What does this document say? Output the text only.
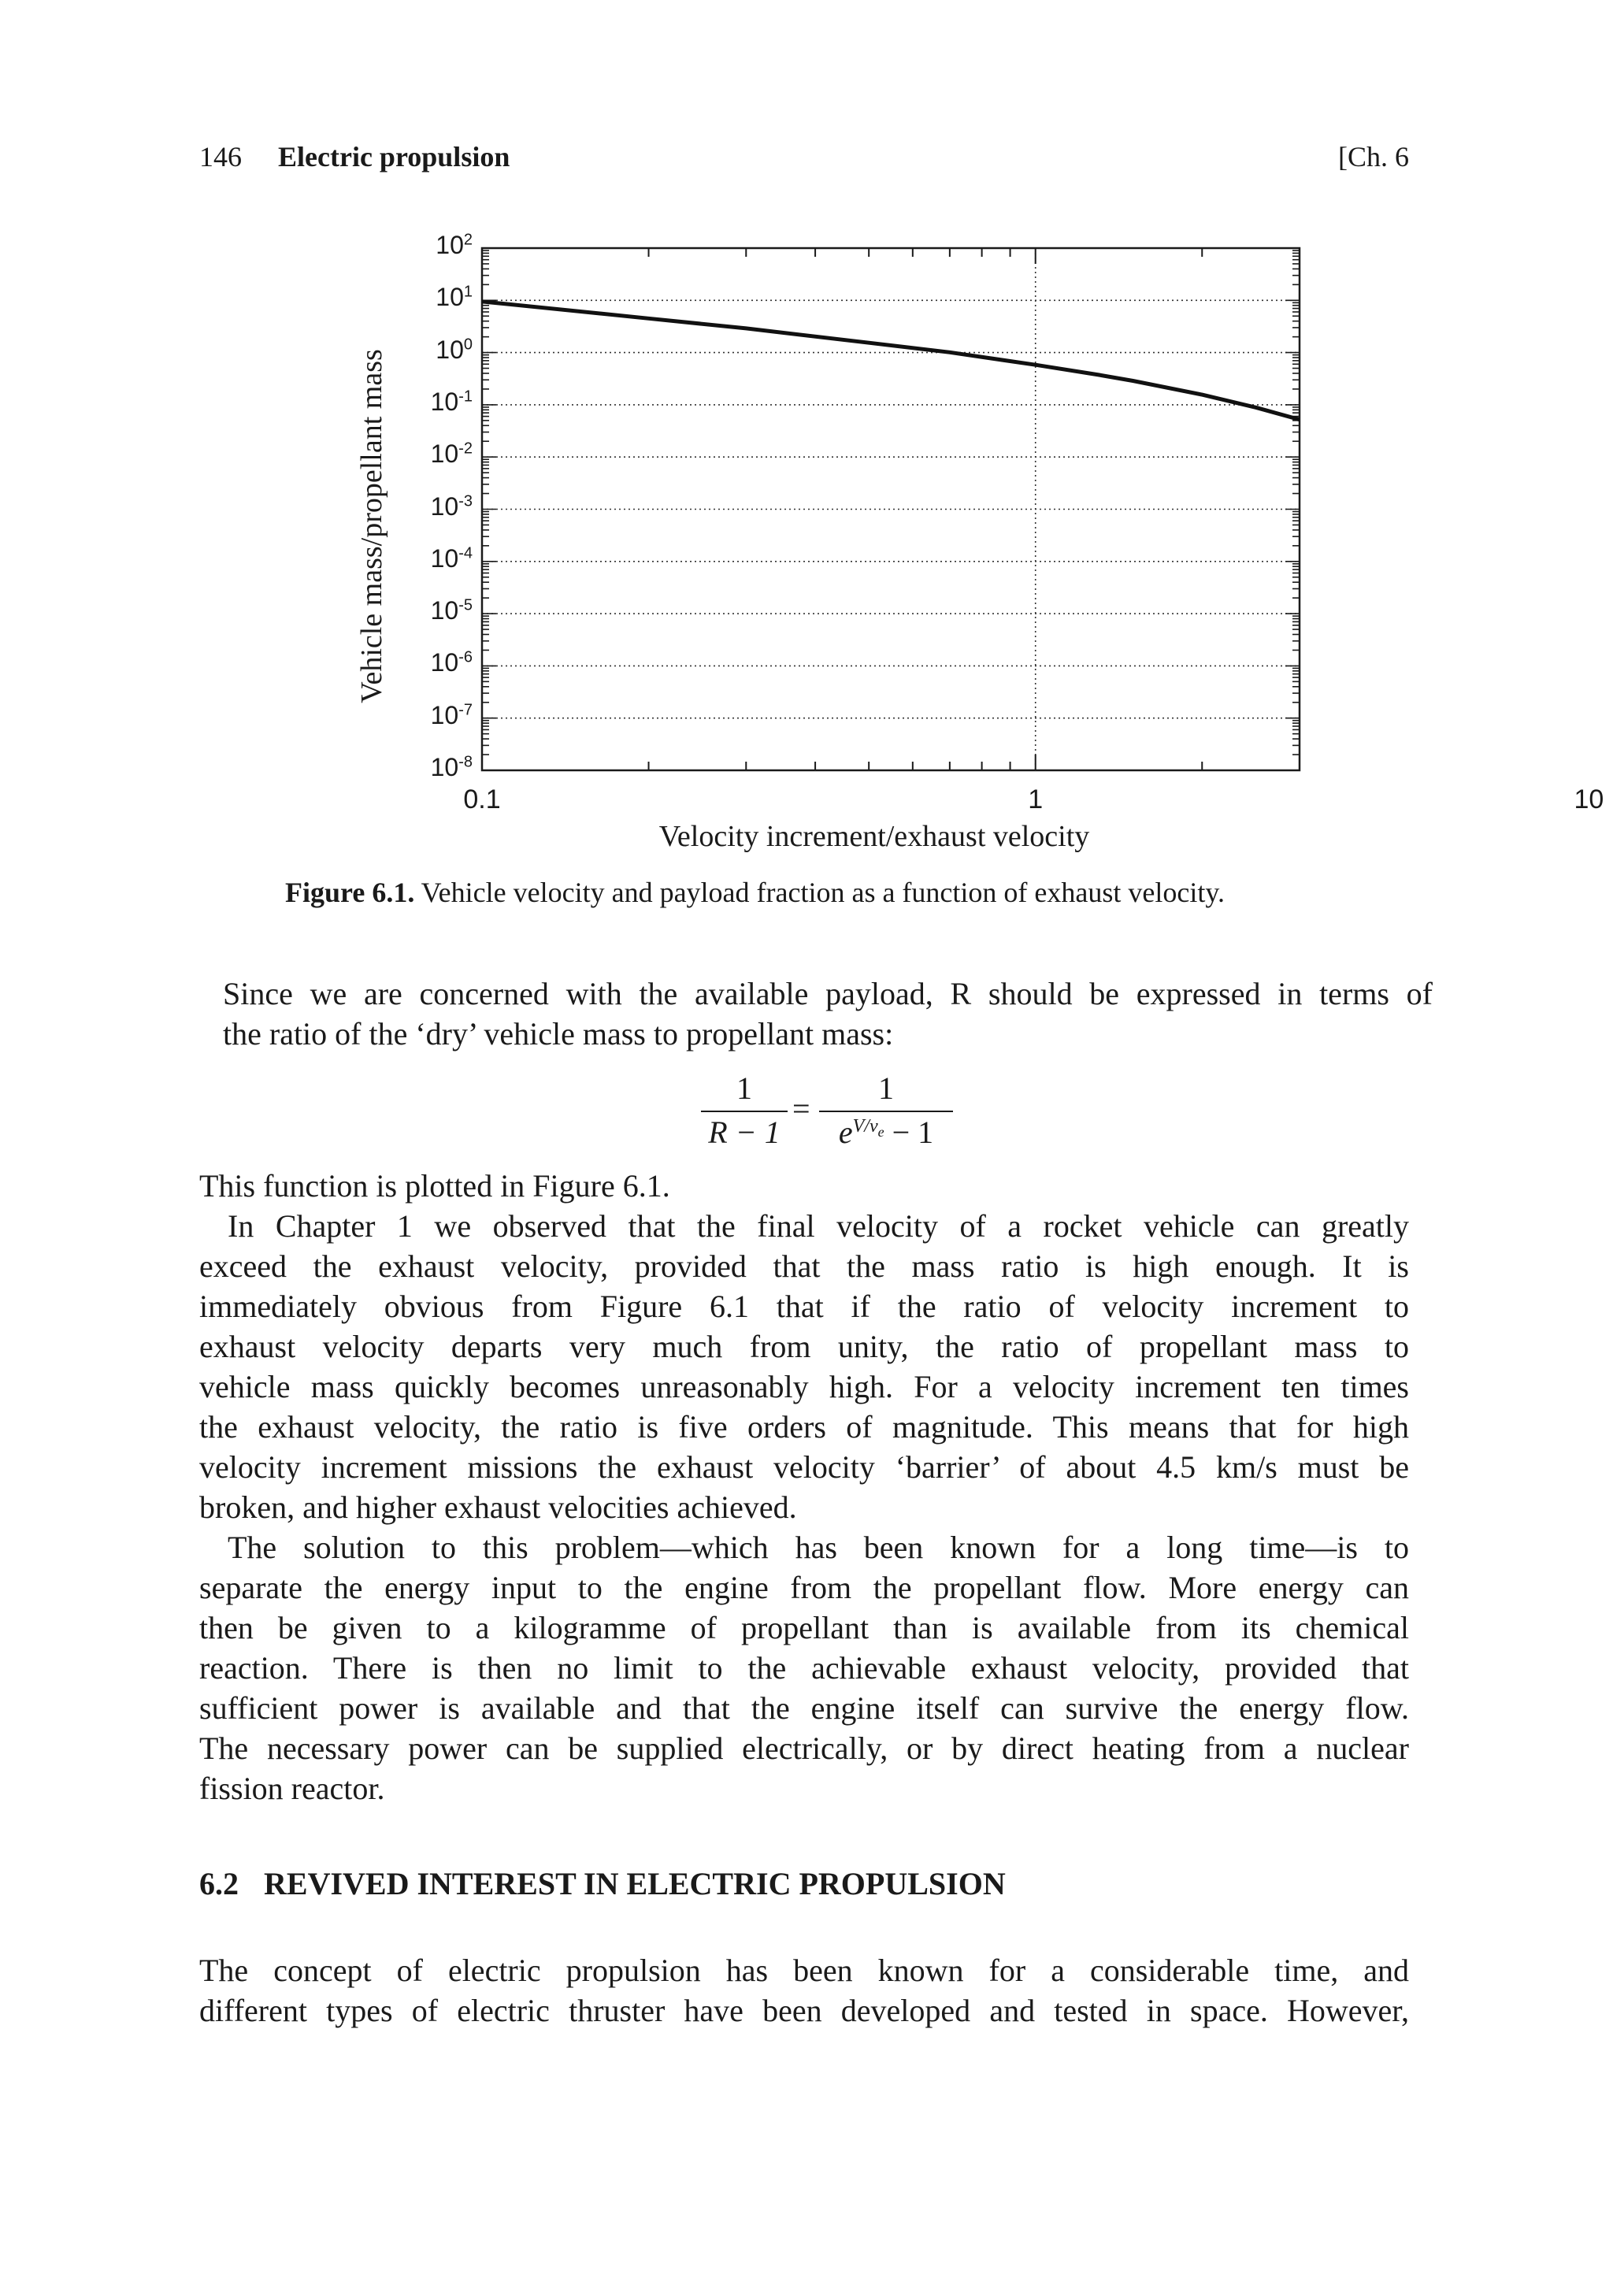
146 Electric propulsion	[Ch. 6
Vehicle mass/propellant mass
$10^2$
$10^1$
$10^0$
$10^{-1}$
$10^{-2}$
$10^{-3}$
$10^{-4}$
$10^{-5}$
$10^{-6}$
$10^{-7}$
$10^{-8}$
0.1	1	10
Velocity increment/exhaust velocity
Figure 6.1. Vehicle velocity and payload fraction as a function of exhaust velocity.
Since we are concerned with the available payload, R should be expressed in terms of
the ratio of the ‘dry’ vehicle mass to propellant mass:
1
R − 1
=
1
$e^{V/v_e} - 1$
This function is plotted in Figure 6.1.
In Chapter 1 we observed that the final velocity of a rocket vehicle can greatly
exceed the exhaust velocity, provided that the mass ratio is high enough. It is
immediately obvious from Figure 6.1 that if the ratio of velocity increment to
exhaust velocity departs very much from unity, the ratio of propellant mass to
vehicle mass quickly becomes unreasonably high. For a velocity increment ten times
the exhaust velocity, the ratio is five orders of magnitude. This means that for high
velocity increment missions the exhaust velocity ‘barrier’ of about 4.5 km/s must be
broken, and higher exhaust velocities achieved.
The solution to this problem—which has been known for a long time—is to
separate the energy input to the engine from the propellant flow. More energy can
then be given to a kilogramme of propellant than is available from its chemical
reaction. There is then no limit to the achievable exhaust velocity, provided that
sufficient power is available and that the engine itself can survive the energy flow.
The necessary power can be supplied electrically, or by direct heating from a nuclear
fission reactor.
6.2 REVIVED INTEREST IN ELECTRIC PROPULSION
The concept of electric propulsion has been known for a considerable time, and
different types of electric thruster have been developed and tested in space. However,
